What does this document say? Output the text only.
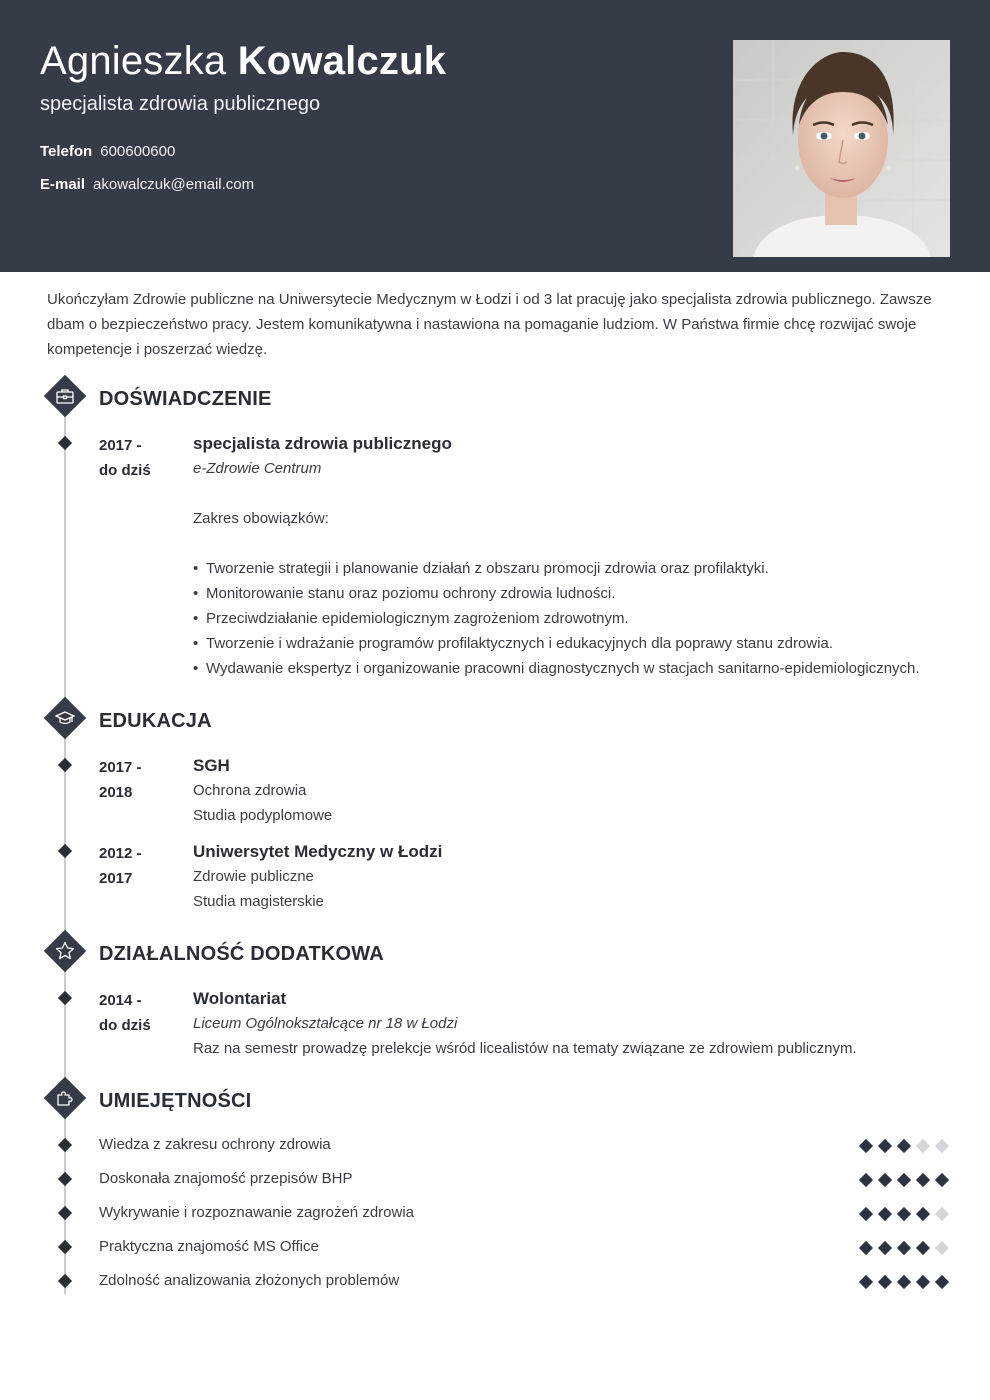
Agnieszka Kowalczuk
specjalista zdrowia publicznego
Telefon 600600600
E-mail akowalczuk@email.com
Ukończyłam Zdrowie publiczne na Uniwersytecie Medycznym w Łodzi i od 3 lat pracuję jako specjalista zdrowia publicznego. Zawsze dbam o bezpieczeństwo pracy. Jestem komunikatywna i nastawiona na pomaganie ludziom. W Państwa firmie chcę rozwijać swoje kompetencje i poszerzać wiedzę.
DOŚWIADCZENIE
2017 -
do dziś
specjalista zdrowia publicznego
e-Zdrowie Centrum
Zakres obowiązków:
• Tworzenie strategii i planowanie działań z obszaru promocji zdrowia oraz profilaktyki.
• Monitorowanie stanu oraz poziomu ochrony zdrowia ludności.
• Przeciwdziałanie epidemiologicznym zagrożeniom zdrowotnym.
• Tworzenie i wdrażanie programów profilaktycznych i edukacyjnych dla poprawy stanu zdrowia.
• Wydawanie ekspertyz i organizowanie pracowni diagnostycznych w stacjach sanitarno-epidemiologicznych.
EDUKACJA
2017 -
2018
SGH
Ochrona zdrowia
Studia podyplomowe
2012 -
2017
Uniwersytet Medyczny w Łodzi
Zdrowie publiczne
Studia magisterskie
DZIAŁALNOŚĆ DODATKOWA
2014 -
do dziś
Wolontariat
Liceum Ogólnokształcące nr 18 w Łodzi
Raz na semestr prowadzę prelekcje wśród licealistów na tematy związane ze zdrowiem publicznym.
UMIEJĘTNOŚCI
Wiedza z zakresu ochrony zdrowia
Doskonała znajomość przepisów BHP
Wykrywanie i rozpoznawanie zagrożeń zdrowia
Praktyczna znajomość MS Office
Zdolność analizowania złożonych problemów
